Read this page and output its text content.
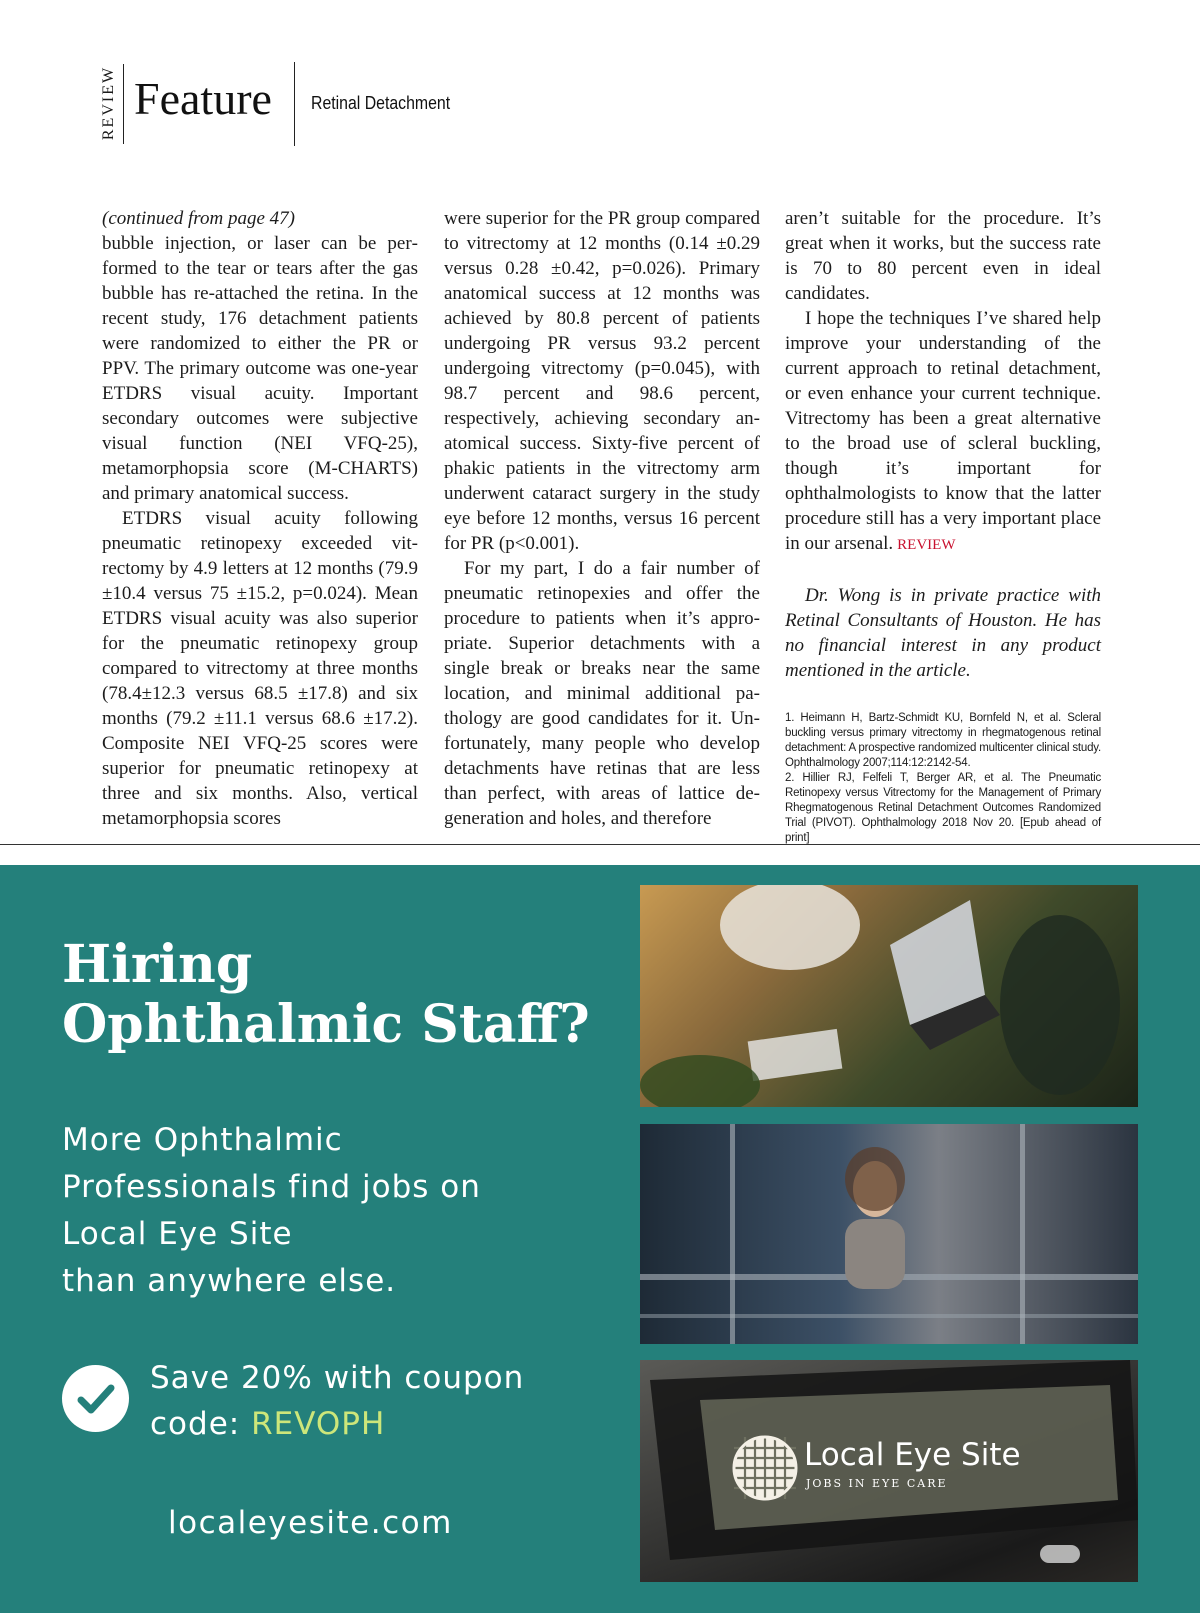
REVIEW Feature Retinal Detachment

(continued from page 47)

bubble injection, or laser can be performed to the tear or tears after the gas bubble has re-attached the retina. In the recent study, 176 detachment patients were randomized to either the PR or PPV. The primary outcome was one-year ETDRS visual acuity. Important secondary outcomes were subjective visual function (NEI VFQ-25), metamorphopsia score (M-CHARTS) and primary anatomical success.

ETDRS visual acuity following pneumatic retinopexy exceeded vitrectomy by 4.9 letters at 12 months (79.9 ±10.4 versus 75 ±15.2, p=0.024). Mean ETDRS visual acuity was also superior for the pneumatic retinopexy group compared to vitrectomy at three months (78.4±12.3 versus 68.5 ±17.8) and six months (79.2 ±11.1 versus 68.6 ±17.2). Composite NEI VFQ-25 scores were superior for pneumatic retinopexy at three and six months. Also, vertical metamorphopsia scores

were superior for the PR group compared to vitrectomy at 12 months (0.14 ±0.29 versus 0.28 ±0.42, p=0.026). Primary anatomical success at 12 months was achieved by 80.8 percent of patients undergoing PR versus 93.2 percent undergoing vitrectomy (p=0.045), with 98.7 percent and 98.6 percent, respectively, achieving secondary anatomical success. Sixty-five percent of phakic patients in the vitrectomy arm underwent cataract surgery in the study eye before 12 months, versus 16 percent for PR (p<0.001).

For my part, I do a fair number of pneumatic retinopexies and offer the procedure to patients when it’s appropriate. Superior detachments with a single break or breaks near the same location, and minimal additional pathology are good candidates for it. Unfortunately, many people who develop detachments have retinas that are less than perfect, with areas of lattice degeneration and holes, and therefore

aren’t suitable for the procedure. It’s great when it works, but the success rate is 70 to 80 percent even in ideal candidates.

I hope the techniques I’ve shared help improve your understanding of the current approach to retinal detachment, or even enhance your current technique. Vitrectomy has been a great alternative to the broad use of scleral buckling, though it’s important for ophthalmologists to know that the latter procedure still has a very important place in our arsenal. REVIEW

Dr. Wong is in private practice with Retinal Consultants of Houston. He has no financial interest in any product mentioned in the article.

1. Heimann H, Bartz-Schmidt KU, Bornfeld N, et al. Scleral buckling versus primary vitrectomy in rhegmatogenous retinal detachment: A prospective randomized multicenter clinical study. Ophthalmology 2007;114:12:2142-54.
2. Hillier RJ, Felfeli T, Berger AR, et al. The Pneumatic Retinopexy versus Vitrectomy for the Management of Primary Rhegmatogenous Retinal Detachment Outcomes Randomized Trial (PIVOT). Ophthalmology 2018 Nov 20. [Epub ahead of print]
Hiring
Ophthalmic Staff?
More Ophthalmic
Professionals find jobs on
Local Eye Site
than anywhere else.
Save 20% with coupon code: REVOPH
localeyesite.com
Local Eye Site
JOBS IN EYE CARE
